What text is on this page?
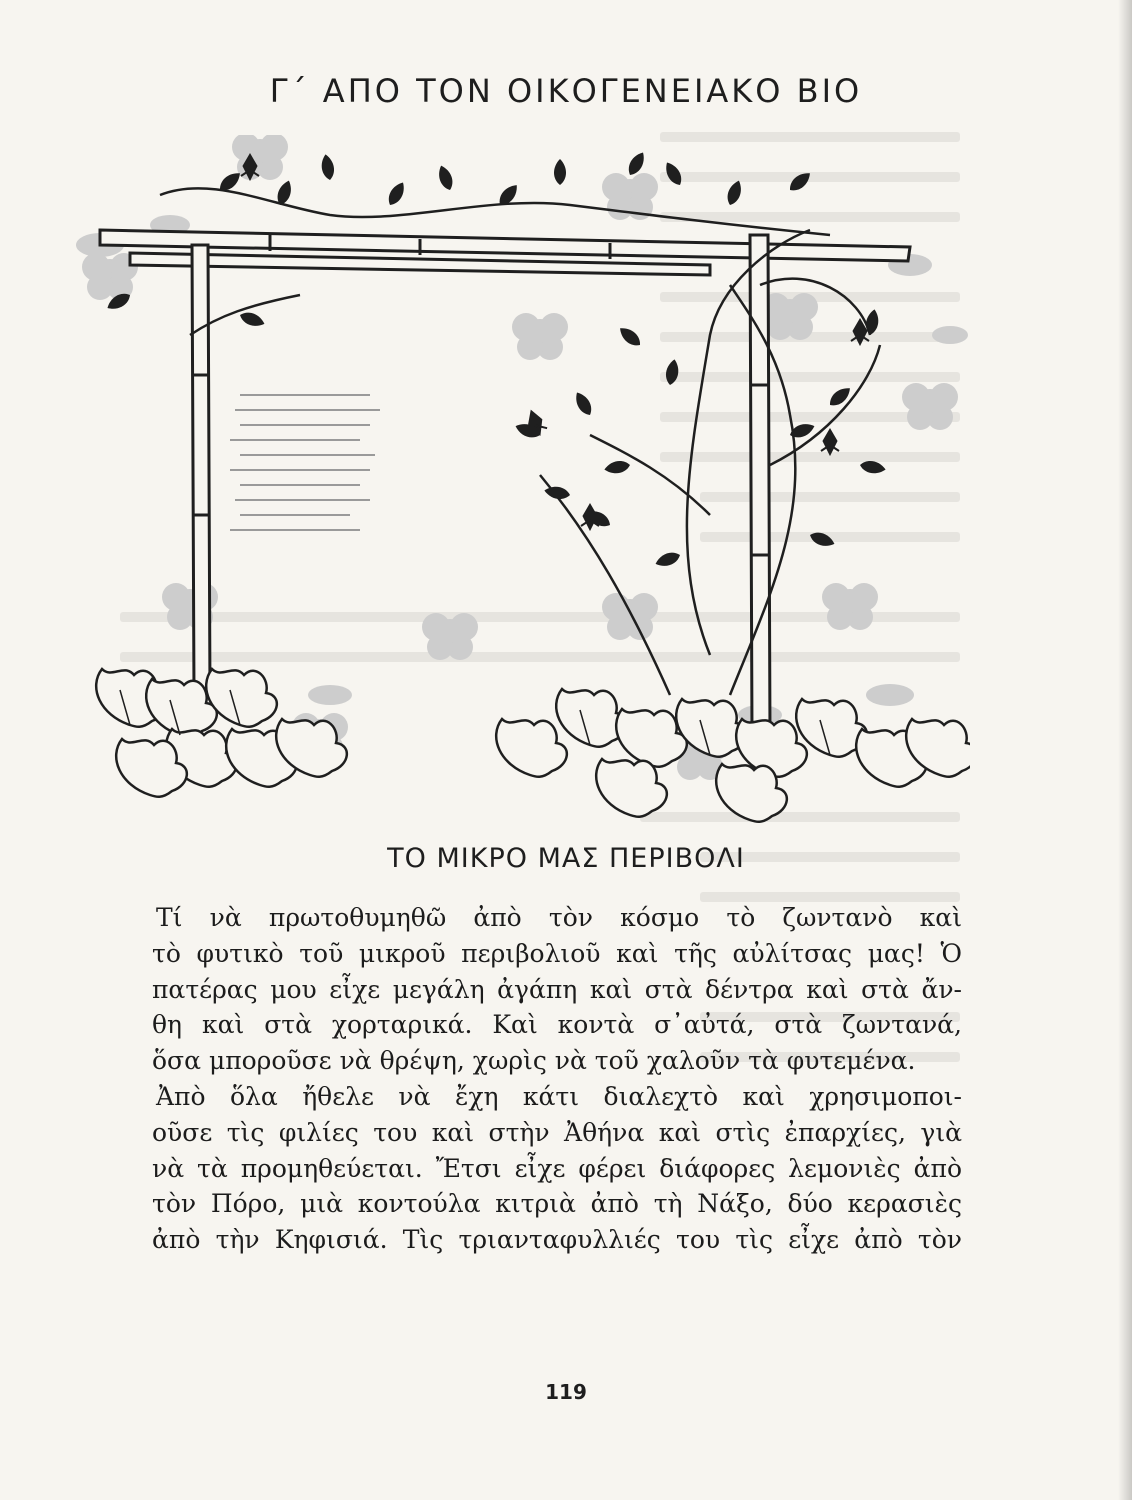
Γ΄ ΑΠΟ ΤΟΝ ΟΙΚΟΓΕΝΕΙΑΚΟ ΒΙΟ
ΤΟ ΜΙΚΡΟ ΜΑΣ ΠΕΡΙΒΟΛΙ
Τί νὰ πρωτοθυμηθῶ ἀπὸ τὸν κόσμο τὸ ζωντανὸ καὶ
τὸ φυτικὸ τοῦ μικροῦ περιβολιοῦ καὶ τῆς αὐλίτσας μας! Ὁ
πατέρας μου εἶχε μεγάλη ἀγάπη καὶ στὰ δέντρα καὶ στὰ ἄν-
θη καὶ στὰ χορταρικά. Καὶ κοντὰ σ᾽αὐτά, στὰ ζωντανά,
ὅσα μποροῦσε νὰ θρέψη, χωρὶς νὰ τοῦ χαλοῦν τὰ φυτεμένα.
Ἀπὸ ὅλα ἤθελε νὰ ἔχη κάτι διαλεχτὸ καὶ χρησιμοποι-
οῦσε τὶς φιλίες του καὶ στὴν Ἀθήνα καὶ στὶς ἐπαρχίες, γιὰ
νὰ τὰ προμηθεύεται. Ἔτσι εἶχε φέρει διάφορες λεμονιὲς ἀπὸ
τὸν Πόρο, μιὰ κοντούλα κιτριὰ ἀπὸ τὴ Νάξο, δύο κερασιὲς
ἀπὸ τὴν Κηφισιά. Τὶς τριανταφυλλιές του τὶς εἶχε ἀπὸ τὸν
119
